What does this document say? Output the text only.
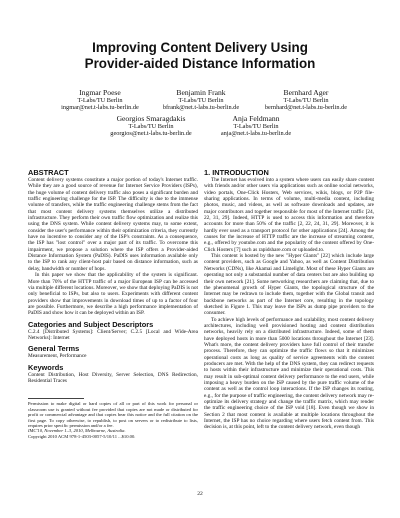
Improving Content Delivery Using
Provider-aided Distance Information
Ingmar Poese
T-Labs/TU Berlin
ingmar@net.t-labs.tu-berlin.de
Benjamin Frank
T-Labs/TU Berlin
bfrank@net.t-labs.tu-berlin.de
Bernhard Ager
T-Labs/TU Berlin
bernhard@net.t-labs.tu-berlin.de
Georgios Smaragdakis
T-Labs/TU Berlin
georgios@net.t-labs.tu-berlin.de
Anja Feldmann
T-Labs/TU Berlin
anja@net.t-labs.tu-berlin.de
ABSTRACT

Content delivery systems constitute a major portion of today's Internet traffic. While they are a good source of revenue for Internet Service Providers (ISPs), the huge volume of content delivery traffic also poses a significant burden and traffic engineering challenge for the ISP. The difficulty is due to the immense volume of transfers, while the traffic engineering challenge stems from the fact that most content delivery systems themselves utilize a distributed infrastructure. They perform their own traffic flow optimization and realize this using the DNS system. While content delivery systems may, to some extent, consider the user's performance within their optimization criteria, they currently have no incentive to consider any of the ISP's constraints. As a consequence, the ISP has "lost control" over a major part of its traffic. To overcome this impairment, we propose a solution where the ISP offers a Provider-aided Distance Information System (PaDIS). PaDIS uses information available only to the ISP to rank any client-host pair based on distance information, such as delay, bandwidth or number of hops.

In this paper we show that the applicability of the system is significant. More than 70% of the HTTP traffic of a major European ISP can be accessed via multiple different locations. Moreover, we show that deploying PaDIS is not only beneficial to ISPs, but also to users. Experiments with different content providers show that improvements in download times of up to a factor of four are possible. Furthermore, we describe a high performance implementation of PaDIS and show how it can be deployed within an ISP.

Categories and Subject Descriptors

C.2.4 [Distributed Systems]: Client/Server; C.2.5 [Local and Wide-Area Networks]: Internet

General Terms

Measurement, Performance

Keywords

Content Distribution, Host Diversity, Server Selection, DNS Redirection, Residential Traces

Permission to make digital or hard copies of all or part of this work for personal or classroom use is granted without fee provided that copies are not made or distributed for profit or commercial advantage and that copies bear this notice and the full citation on the first page. To copy otherwise, to republish, to post on servers or to redistribute to lists, requires prior specific permission and/or a fee.

IMC'10, November 1–3, 2010, Melbourne, Australia.

Copyright 2010 ACM 978-1-4503-0057-5/10/11 ...$10.00.

1. INTRODUCTION

The Internet has evolved into a system where users can easily share content with friends and/or other users via applications such as online social networks, video portals, One-Click Hosters, Web services, wikis, blogs, or P2P file-sharing applications. In terms of volume, multi-media content, including photos, music, and videos, as well as software downloads and updates, are major contributors and together responsible for most of the Internet traffic [24, 22, 31, 29]. Indeed, HTTP is used to access this information and therefore accounts for more than 50% of the traffic [2, 22, 24, 31, 29]. Moreover, it is hardly ever used as a transport protocol for other applications [24]. Among the causes for the increase of HTTP traffic are the increase of streaming content, e.g., offered by youtube.com and the popularity of the content offered by One-Click Hosters [7] such as rapidshare.com or uploaded.to.

This content is hosted by the new "Hyper Giants" [22] which include large content providers, such as Google and Yahoo, as well as Content Distribution Networks (CDNs), like Akamai and Limelight. Most of these Hyper Giants are operating not only a substantial number of data centers but are also building up their own network [21]. Some networking researchers are claiming that, due to the phenomenal growth of Hyper Giants, the topological structure of the Internet may be redrawn to include them, together with the Global transit and backbone networks as part of the Internet core, resulting in the topology sketched in Figure 1. This may leave the ISPs as dump pipe providers to the consumer.

To achieve high levels of performance and scalability, most content delivery architectures, including well provisioned hosting and content distribution networks, heavily rely on a distributed infrastructure. Indeed, some of them have deployed hosts in more than 5000 locations throughout the Internet [23]. What's more, the content delivery providers have full control of their transfer process. Therefore, they can optimize the traffic flows so that it minimizes operational costs as long as quality of service agreements with the content producers are met. With the help of the DNS system, they can redirect requests to hosts within their infrastructure and minimize their operational costs. This may result in sub-optimal content delivery performance to the end users, while imposing a heavy burden on the ISP caused by the pure traffic volume of the content as well as the control loop interactions. If the ISP changes its routing, e.g., for the purpose of traffic engineering, the content delivery network may re-optimize its delivery strategy and change the traffic matrix, which may render the traffic engineering choice of the ISP void [18]. Even though we show in Section 2 that most content is available at multiple locations throughout the Internet, the ISP has no choice regarding where users fetch content from. This decision is, at this point, left to the content delivery network, even though

22
